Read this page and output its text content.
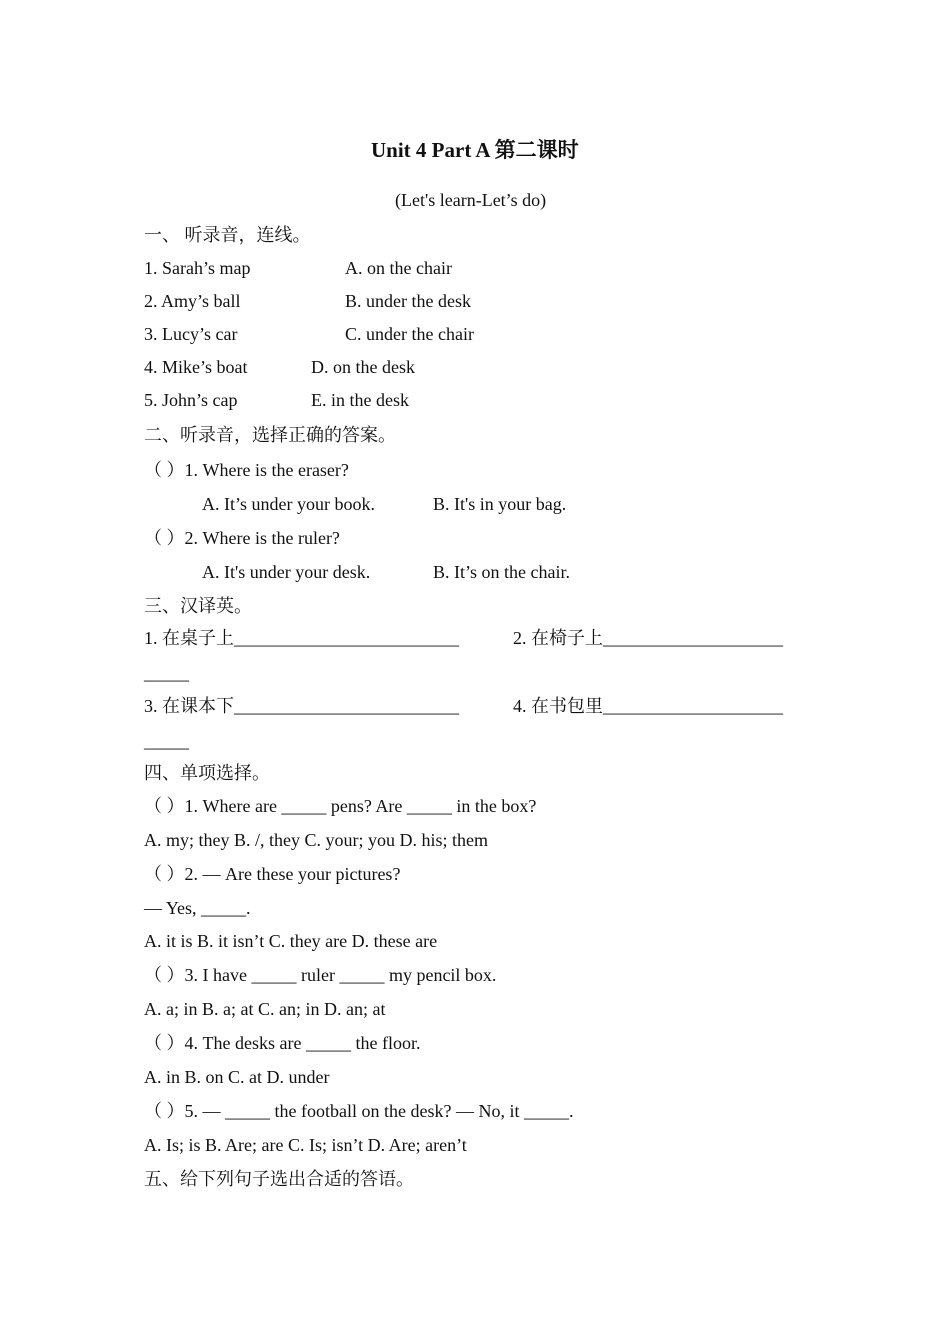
Unit 4 Part A 第二课时
(Let's learn-Let’s do)
一、 听录音，连线。
1. Sarah’s map	A. on the chair
2. Amy’s ball	B. under the desk
3. Lucy’s car	C. under the chair
4. Mike’s boat	D. on the desk
5. John’s cap	E. in the desk
二、听录音，选择正确的答案。
（ ）1. Where is the eraser?
A. It’s under your book.	B. It's in your bag.
（ ）2. Where is the ruler?
A. It's under your desk.	B. It’s on the chair.
三、汉译英。
1. 在桌子上_________________________	2. 在椅子上____________________
_____
3. 在课本下_________________________	4. 在书包里____________________
_____
四、单项选择。
（ ）1. Where are _____ pens? Are _____ in the box?
A. my; they B. /, they C. your; you D. his; them
（ ）2. — Are these your pictures?
— Yes, _____.
A. it is B. it isn’t C. they are D. these are
（ ）3. I have _____ ruler _____ my pencil box.
A. a; in B. a; at C. an; in D. an; at
（ ）4. The desks are _____ the floor.
A. in B. on C. at D. under
（ ）5. — _____ the football on the desk? — No, it _____.
A. Is; is B. Are; are C. Is; isn’t D. Are; aren’t
五、给下列句子选出合适的答语。
